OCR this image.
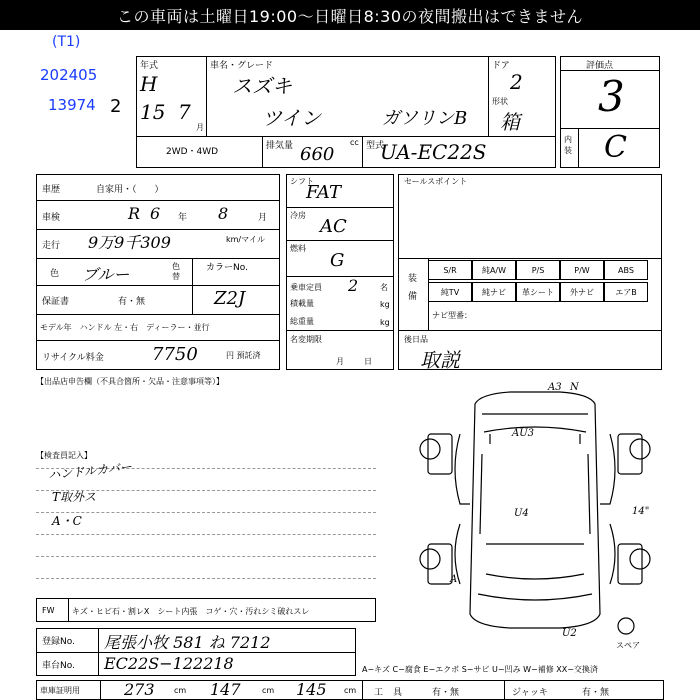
この車両は土曜日19:00～日曜日8:30の夜間搬出はできません
(T1)
202405
13974 2
年式
H
15 7
月
車名・グレード
スズキ
ツイン	ガソリンB
ドア
2
形状
箱
2WD・4WD
排気量	cc
660	型式
UA-EC22S
評価点
3
内装 C
車歴	自家用・（　　）
車検	R 6 年 8	月
走行 9万9千309	km/マイル
色 ブルー	色替
カラーNo.
保証書	有・無	Z2J
モデル年　ハンドル 左・右　ディーラー・並行
リサイクル料金	7750	円 預託済
シフト
FAT
冷房
AC
燃料
G
乗車定員 2	名
積載量	kg
総重量	kg
名変期限
月日
セールスポイント
装備
S/R	純A/W	P/S	P/W	ABS
純TV	純ナビ	革シート	外ナビ	エアB
ナビ型番：
後日品
取説
【出品店申告欄（不具合箇所・欠品・注意事項等）】
【検査員記入】
ハンドルカバー
T取外ス
A・C
A3 N
AU3
U4
A
U2
14"
スペア
FW キズ・ヒビ石・割レX　シート内張　コゲ・穴・汚れシミ破れスレ
登録No. 尾張小牧 581 ね 7212
車台No. EC22S−122218	A−キズ C−腐食 E−エクボ S−サビ U−凹み W−補修 XX−交換済
車庫証明用	273 cm 147	cm 145 cm 工具 有・無	ジャッキ	有・無
